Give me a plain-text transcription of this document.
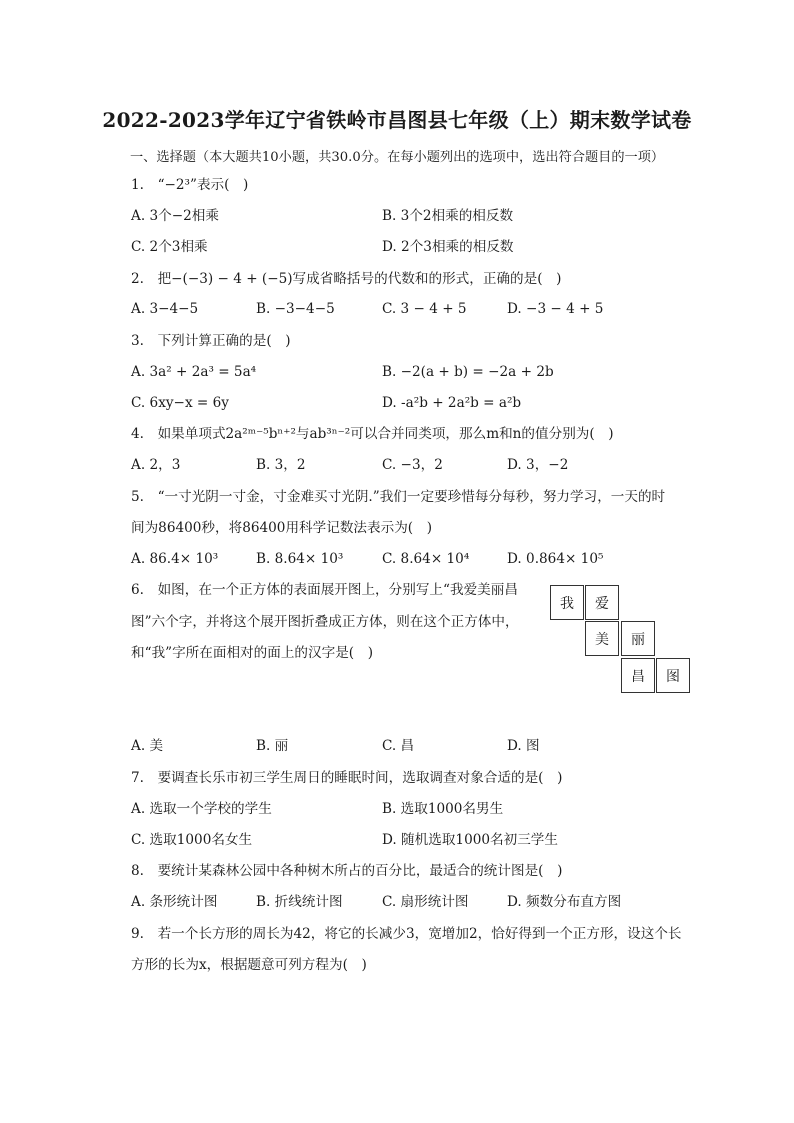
2022-2023学年辽宁省铁岭市昌图县七年级（上）期末数学试卷
一、选择题（本大题共10小题，共30.0分。在每小题列出的选项中，选出符合题目的一项）
1.　“−2³”表示(　)
A. 3个−2相乘	B. 3个2相乘的相反数
C. 2个3相乘	D. 2个3相乘的相反数
2.　把−(−3) − 4 + (−5)写成省略括号的代数和的形式，正确的是(　)
A. 3−4−5	B. −3−4−5	C. 3 − 4 + 5	D. −3 − 4 + 5
3.　下列计算正确的是(　)
A. 3a² + 2a³ = 5a⁴	B. −2(a + b) = −2a + 2b
C. 6xy−x = 6y	D. -a²b + 2a²b = a²b
4.　如果单项式2a²ᵐ⁻⁵bⁿ⁺²与ab³ⁿ⁻²可以合并同类项，那么m和n的值分别为(　)
A. 2，3	B. 3，2	C. −3，2	D. 3，−2
5.　“一寸光阴一寸金，寸金难买寸光阴.”我们一定要珍惜每分每秒，努力学习，一天的时
间为86400秒，将86400用科学记数法表示为(　)
A. 86.4× 10³	B. 8.64× 10³	C. 8.64× 10⁴	D. 0.864× 10⁵
6.　如图，在一个正方体的表面展开图上，分别写上“我爱美丽昌
图”六个字，并将这个展开图折叠成正方体，则在这个正方体中，
和“我”字所在面相对的面上的汉字是(　)
我	爱
美	丽
昌	图
A. 美	B. 丽	C. 昌	D. 图
7.　要调查长乐市初三学生周日的睡眠时间，选取调查对象合适的是(　)
A. 选取一个学校的学生	B. 选取1000名男生
C. 选取1000名女生	D. 随机选取1000名初三学生
8.　要统计某森林公园中各种树木所占的百分比，最适合的统计图是(　)
A. 条形统计图	B. 折线统计图	C. 扇形统计图	D. 频数分布直方图
9.　若一个长方形的周长为42，将它的长减少3，宽增加2，恰好得到一个正方形，设这个长
方形的长为x，根据题意可列方程为(　)
